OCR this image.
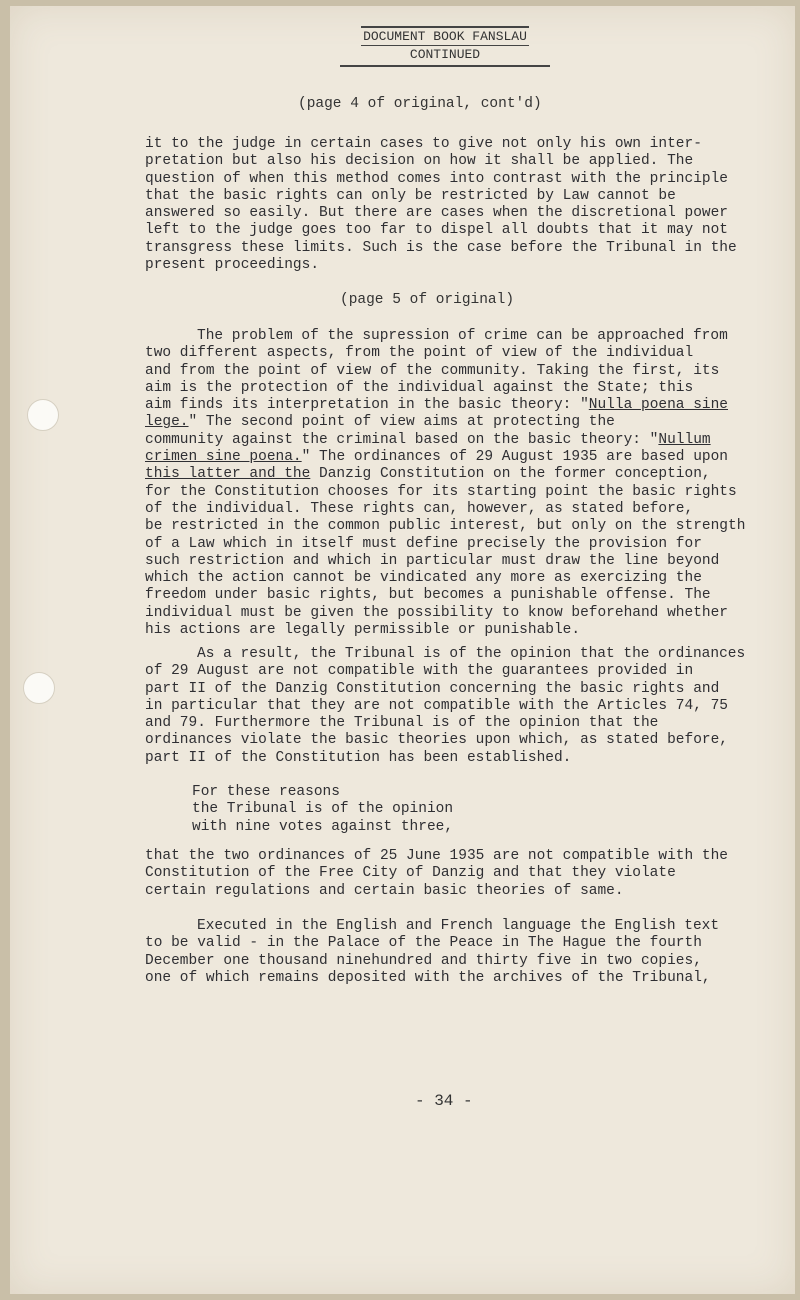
DOCUMENT BOOK FANSLAU
CONTINUED
(page 4 of original, cont'd)
it to the judge in certain cases to give not only his own inter-
pretation but also his decision on how it shall be applied. The
question of when this method comes into contrast with the principle
that the basic rights can only be restricted by Law cannot be
answered so easily. But there are cases when the discretional power
left to the judge goes too far to dispel all doubts that it may not
transgress these limits. Such is the case before the Tribunal in the
present proceedings.
(page 5 of original)
The problem of the supression of crime can be approached from
two different aspects, from the point of view of the individual
and from the point of view of the community. Taking the first, its
aim is the protection of the individual against the State; this
aim finds its interpretation in the basic theory: "Nulla poena sine
lege." The second point of view aims at protecting the
community against the criminal based on the basic theory: "Nullum
crimen sine poena." The ordinances of 29 August 1935 are based upon
this latter and the Danzig Constitution on the former conception,
for the Constitution chooses for its starting point the basic rights
of the individual. These rights can, however, as stated before,
be restricted in the common public interest, but only on the strength
of a Law which in itself must define precisely the provision for
such restriction and which in particular must draw the line beyond
which the action cannot be vindicated any more as exercizing the
freedom under basic rights, but becomes a punishable offense. The
individual must be given the possibility to know beforehand whether
his actions are legally permissible or punishable.
As a result, the Tribunal is of the opinion that the ordinances
of 29 August are not compatible with the guarantees provided in
part II of the Danzig Constitution concerning the basic rights and
in particular that they are not compatible with the Articles 74, 75
and 79. Furthermore the Tribunal is of the opinion that the
ordinances violate the basic theories upon which, as stated before,
part II of the Constitution has been established.
For these reasons
the Tribunal is of the opinion
with nine votes against three,
that the two ordinances of 25 June 1935 are not compatible with the
Constitution of the Free City of Danzig and that they violate
certain regulations and certain basic theories of same.
Executed in the English and French language the English text
to be valid - in the Palace of the Peace in The Hague the fourth
December one thousand ninehundred and thirty five in two copies,
one of which remains deposited with the archives of the Tribunal,
- 34 -
